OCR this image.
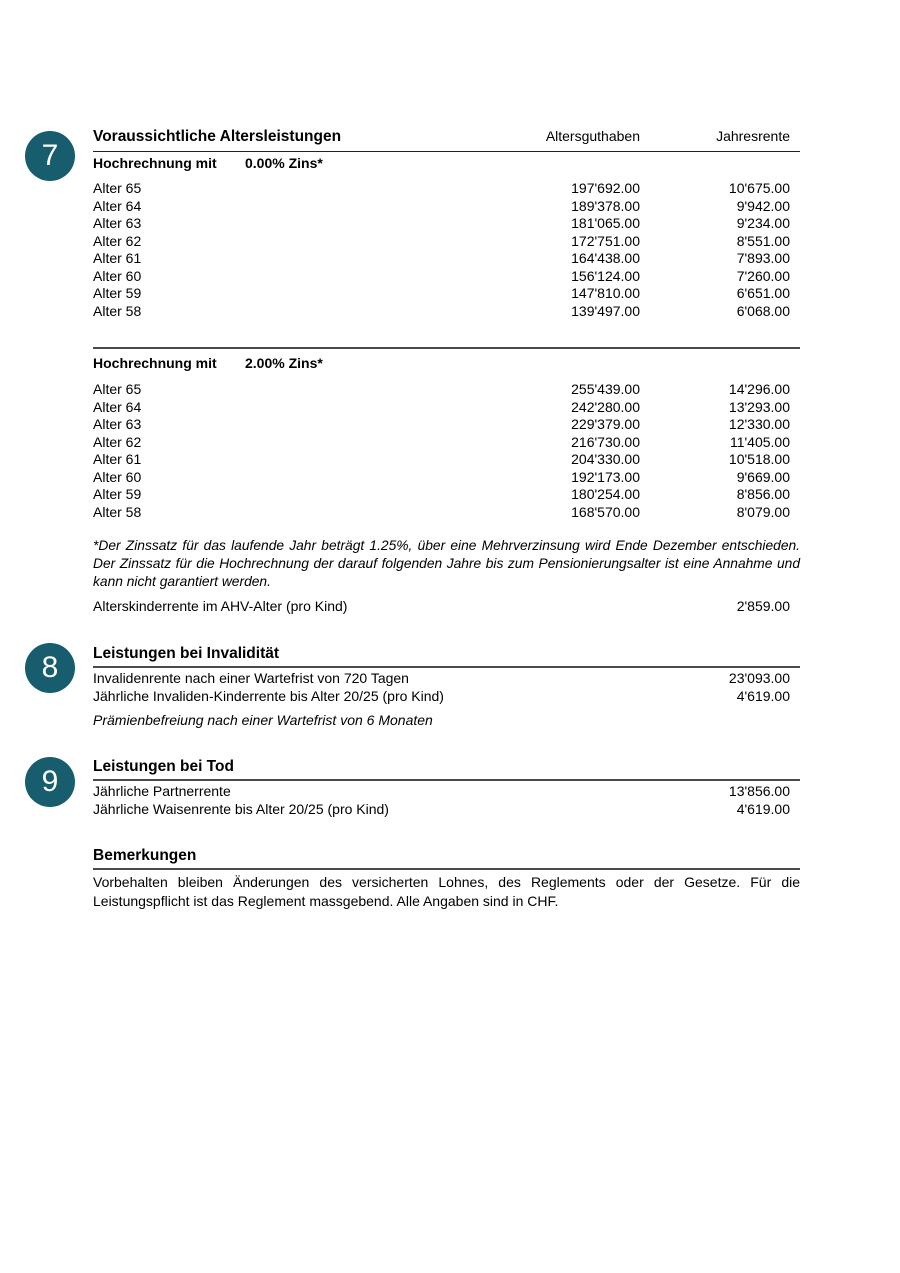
7
8
9
Voraussichtliche Altersleistungen	Altersguthaben	Jahresrente
Hochrechnung mit 0.00% Zins*
Alter 65	197'692.00	10'675.00
Alter 64	189'378.00	9'942.00
Alter 63	181'065.00	9'234.00
Alter 62	172'751.00	8'551.00
Alter 61	164'438.00	7'893.00
Alter 60	156'124.00	7'260.00
Alter 59	147'810.00	6'651.00
Alter 58	139'497.00	6'068.00
Hochrechnung mit 2.00% Zins*
Alter 65	255'439.00	14'296.00
Alter 64	242'280.00	13'293.00
Alter 63	229'379.00	12'330.00
Alter 62	216'730.00	11'405.00
Alter 61	204'330.00	10'518.00
Alter 60	192'173.00	9'669.00
Alter 59	180'254.00	8'856.00
Alter 58	168'570.00	8'079.00
*Der Zinssatz für das laufende Jahr beträgt 1.25%, über eine Mehrverzinsung wird Ende Dezember entschieden. Der Zinssatz für die Hochrechnung der darauf folgenden Jahre bis zum Pensionierungsalter ist eine Annahme und kann nicht garantiert werden.
Alterskinderrente im AHV-Alter (pro Kind)	2'859.00
Leistungen bei Invalidität
Invalidenrente nach einer Wartefrist von 720 Tagen	23'093.00
Jährliche Invaliden-Kinderrente bis Alter 20/25 (pro Kind)	4'619.00
Prämienbefreiung nach einer Wartefrist von 6 Monaten
Leistungen bei Tod
Jährliche Partnerrente	13'856.00
Jährliche Waisenrente bis Alter 20/25 (pro Kind)	4'619.00
Bemerkungen
Vorbehalten bleiben Änderungen des versicherten Lohnes, des Reglements oder der Gesetze. Für die Leistungspflicht ist das Reglement massgebend. Alle Angaben sind in CHF.
